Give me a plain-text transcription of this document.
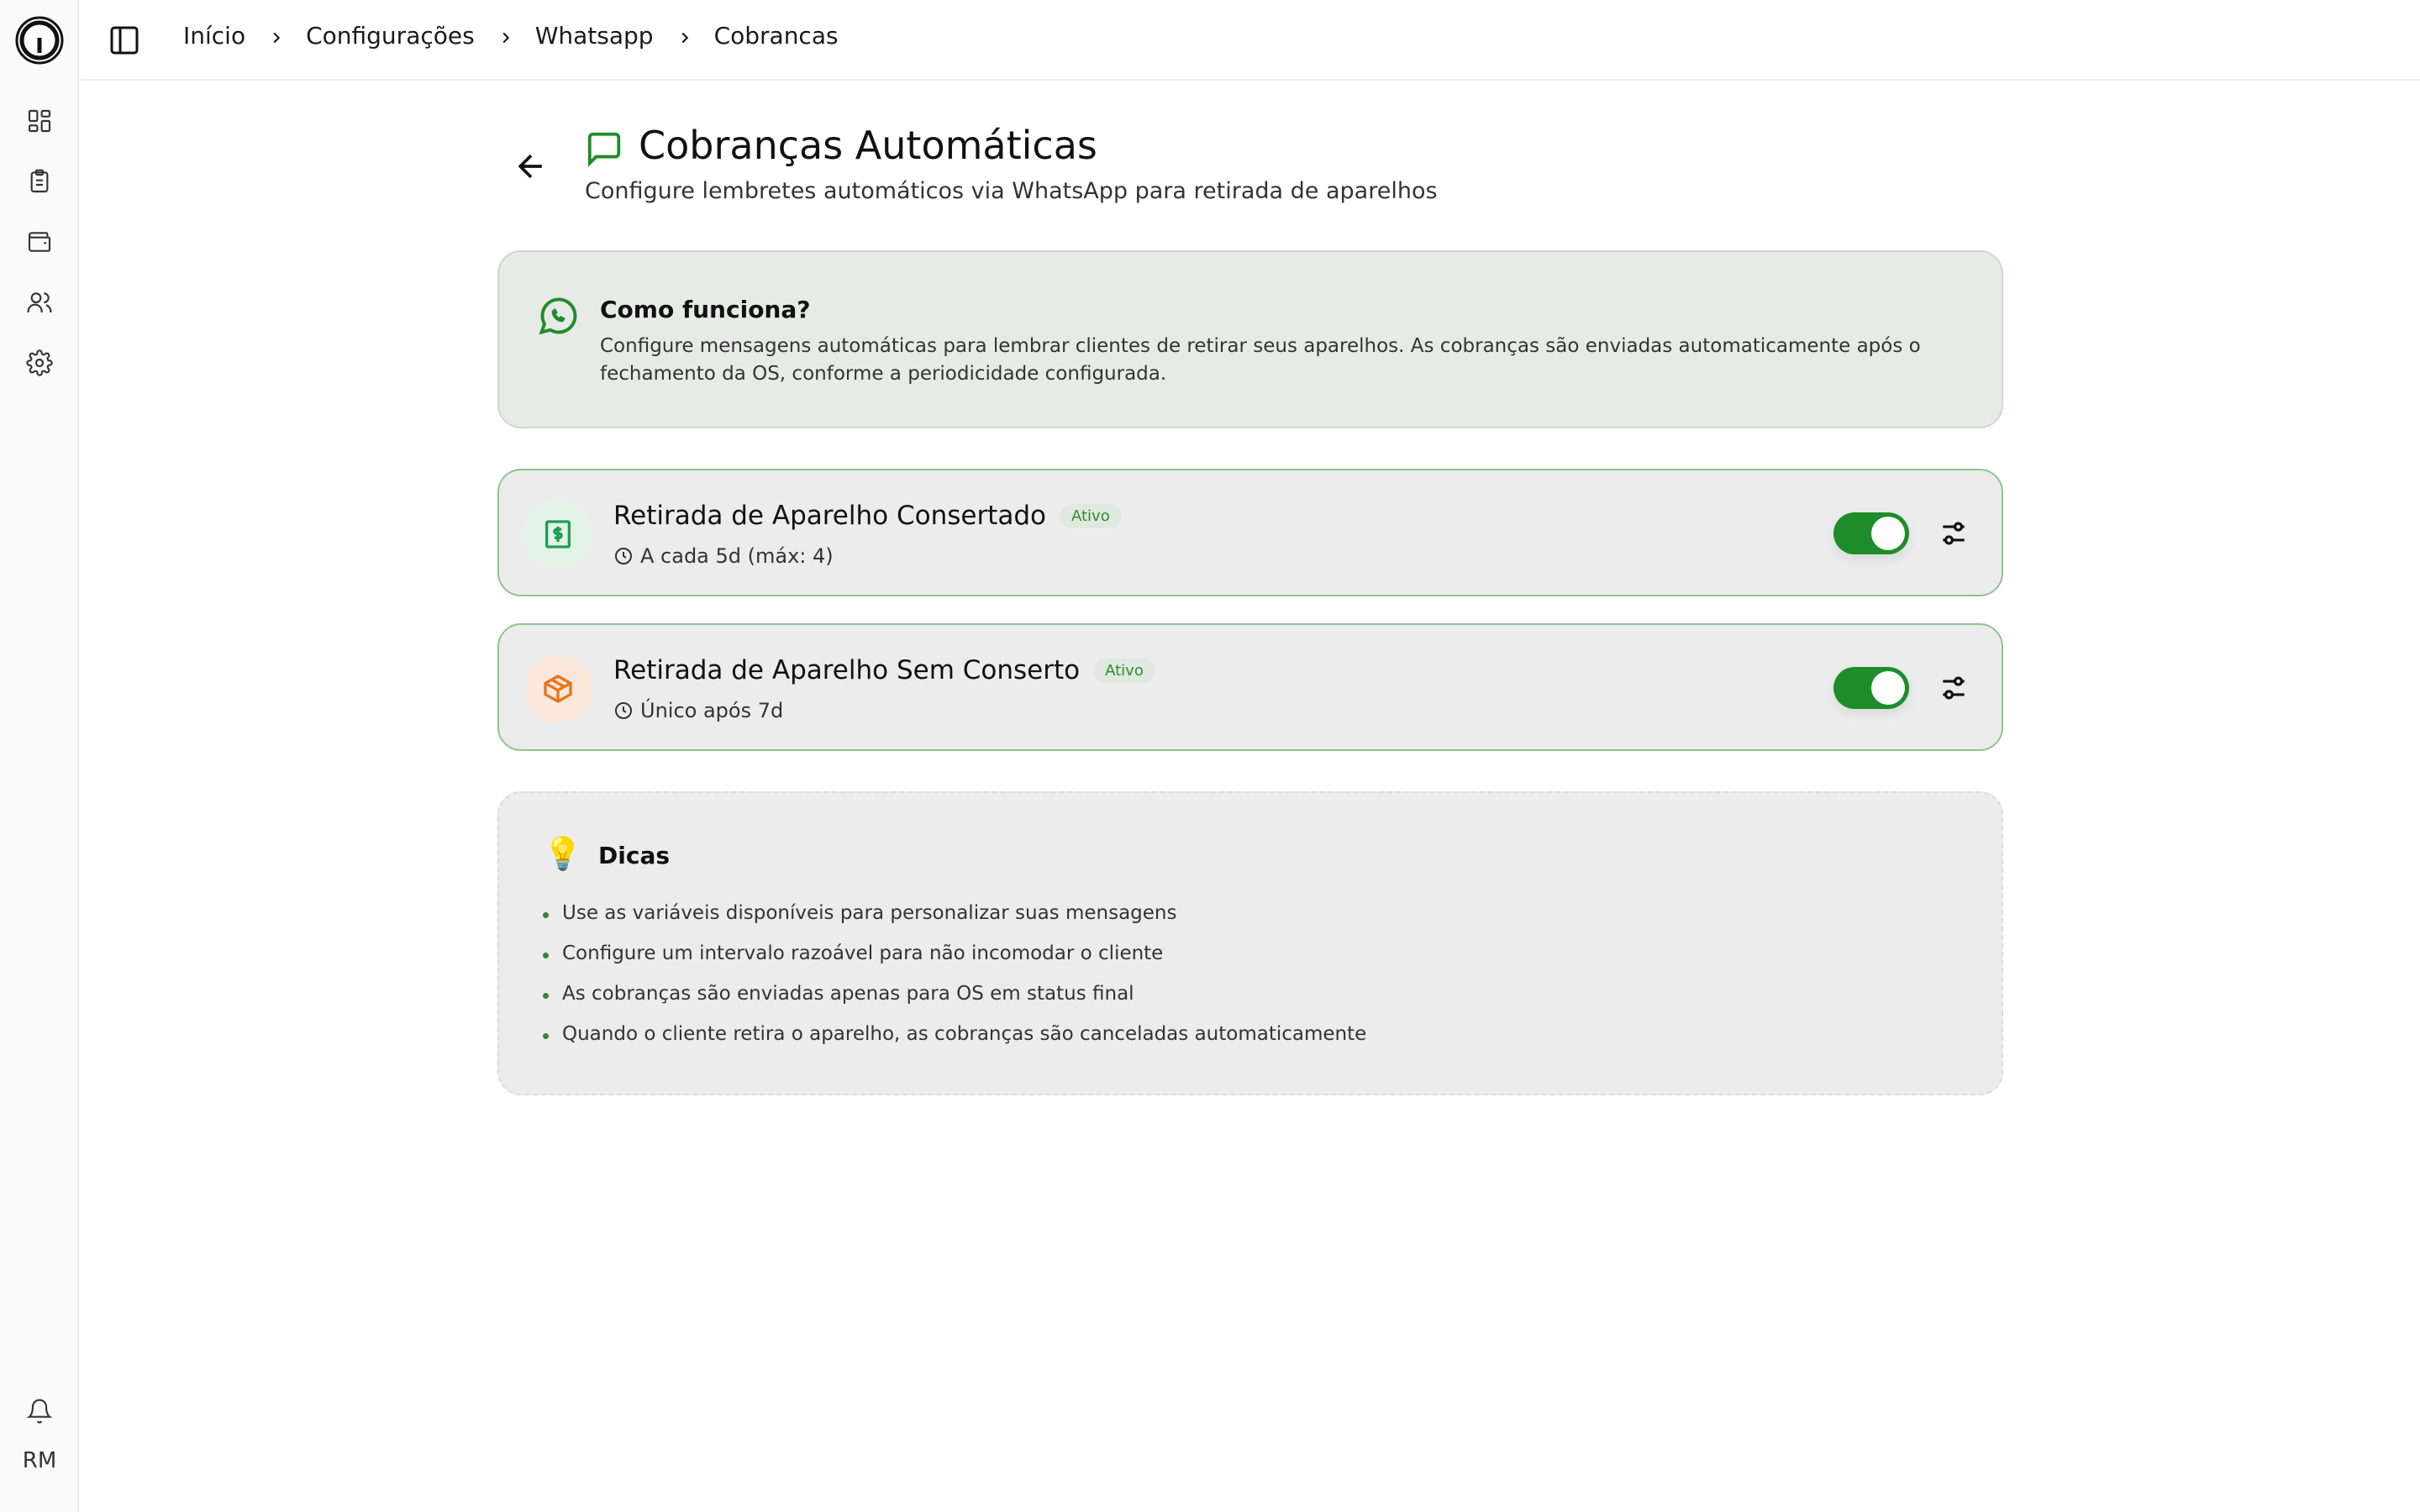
RM
Início	Configurações	Whatsapp	Cobrancas
Cobranças Automáticas

Configure lembretes automáticos via WhatsApp para retirada de aparelhos

Como funciona?

Configure mensagens automáticas para lembrar clientes de retirar seus aparelhos. As cobranças são enviadas automaticamente após o fechamento da OS, conforme a periodicidade configurada.

Retirada de Aparelho Consertado	Ativo
A cada 5d (máx: 4)
Retirada de Aparelho Sem Conserto	Ativo
Único após 7d
💡 Dicas
Use as variáveis disponíveis para personalizar suas mensagens
Configure um intervalo razoável para não incomodar o cliente
As cobranças são enviadas apenas para OS em status final
Quando o cliente retira o aparelho, as cobranças são canceladas automaticamente
